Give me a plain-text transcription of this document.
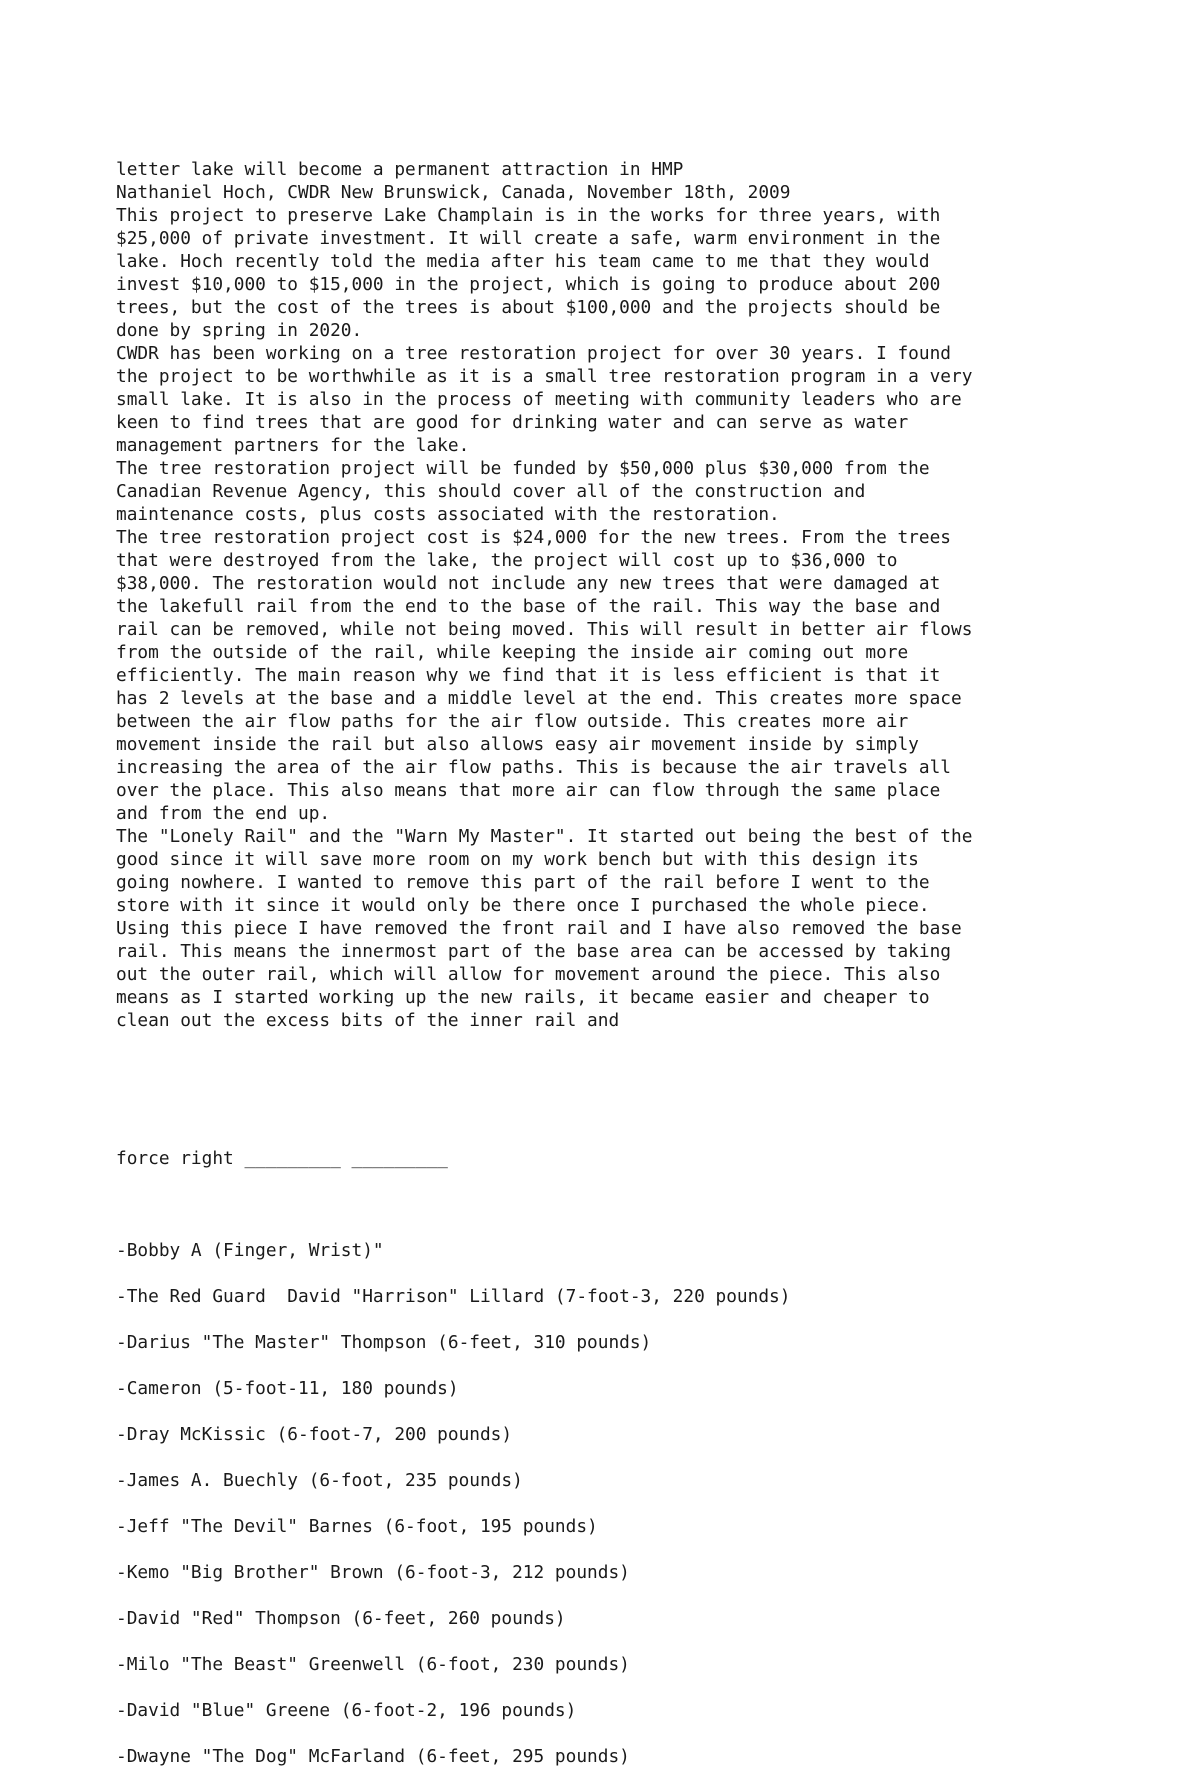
letter lake will become a permanent attraction in HMP
Nathaniel Hoch, CWDR New Brunswick, Canada, November 18th, 2009
This project to preserve Lake Champlain is in the works for three years, with
$25,000 of private investment. It will create a safe, warm environment in the
lake. Hoch recently told the media after his team came to me that they would
invest $10,000 to $15,000 in the project, which is going to produce about 200
trees, but the cost of the trees is about $100,000 and the projects should be
done by spring in 2020.
CWDR has been working on a tree restoration project for over 30 years. I found
the project to be worthwhile as it is a small tree restoration program in a very
small lake. It is also in the process of meeting with community leaders who are
keen to find trees that are good for drinking water and can serve as water
management partners for the lake.
The tree restoration project will be funded by $50,000 plus $30,000 from the
Canadian Revenue Agency, this should cover all of the construction and
maintenance costs, plus costs associated with the restoration.
The tree restoration project cost is $24,000 for the new trees. From the trees
that were destroyed from the lake, the project will cost up to $36,000 to
$38,000. The restoration would not include any new trees that were damaged at
the lakefull rail from the end to the base of the rail. This way the base and
rail can be removed, while not being moved. This will result in better air flows
from the outside of the rail, while keeping the inside air coming out more
efficiently. The main reason why we find that it is less efficient is that it
has 2 levels at the base and a middle level at the end. This creates more space
between the air flow paths for the air flow outside. This creates more air
movement inside the rail but also allows easy air movement inside by simply
increasing the area of the air flow paths. This is because the air travels all
over the place. This also means that more air can flow through the same place
and from the end up.
The "Lonely Rail" and the "Warn My Master". It started out being the best of the
good since it will save more room on my work bench but with this design its
going nowhere. I wanted to remove this part of the rail before I went to the
store with it since it would only be there once I purchased the whole piece.
Using this piece I have removed the front rail and I have also removed the base
rail. This means the innermost part of the base area can be accessed by taking
out the outer rail, which will allow for movement around the piece. This also
means as I started working up the new rails, it became easier and cheaper to
clean out the excess bits of the inner rail and

force right _________ _________

-Bobby A (Finger, Wrist)"
-The Red Guard  David "Harrison" Lillard (7-foot-3, 220 pounds)
-Darius "The Master" Thompson (6-feet, 310 pounds)
-Cameron (5-foot-11, 180 pounds)
-Dray McKissic (6-foot-7, 200 pounds)
-James A. Buechly (6-foot, 235 pounds)
-Jeff "The Devil" Barnes (6-foot, 195 pounds)
-Kemo "Big Brother" Brown (6-foot-3, 212 pounds)
-David "Red" Thompson (6-feet, 260 pounds)
-Milo "The Beast" Greenwell (6-foot, 230 pounds)
-David "Blue" Greene (6-foot-2, 196 pounds)
-Dwayne "The Dog" McFarland (6-feet, 295 pounds)
